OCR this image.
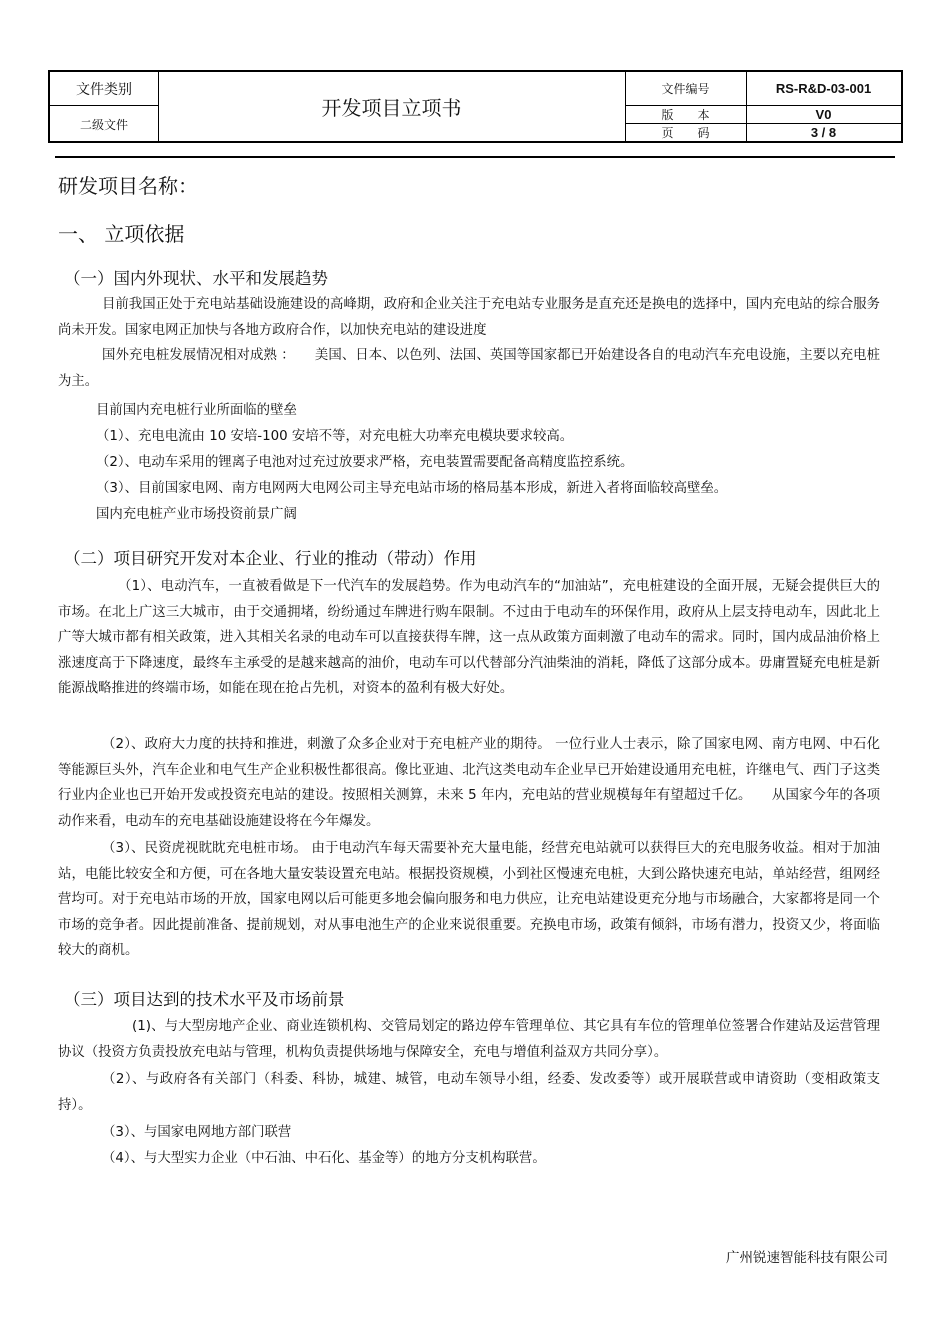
文件类别
二级文件
开发项目立项书
文件编号	RS-R&D-03-001
版　　本	V0
页　　码	3 / 8
研发项目名称：
一、 立项依据
（一）国内外现状、水平和发展趋势

目前我国正处于充电站基础设施建设的高峰期，政府和企业关注于充电站专业服务是直充还是换电的选择中，国内充电站的综合服务尚未开发。国家电网正加快与各地方政府合作，以加快充电站的建设进度

国外充电桩发展情况相对成熟 ：　　美国、日本、以色列、法国、英国等国家都已开始建设各自的电动汽车充电设施，主要以充电桩为主。

目前国内充电桩行业所面临的壁垒

（1）、充电电流由 10 安培-100 安培不等，对充电桩大功率充电模块要求较高。

（2）、电动车采用的锂离子电池对过充过放要求严格，充电装置需要配备高精度监控系统。

（3）、目前国家电网、南方电网两大电网公司主导充电站市场的格局基本形成，新进入者将面临较高壁垒。

国内充电桩产业市场投资前景广阔

（二）项目研究开发对本企业、行业的推动（带动）作用

（1）、电动汽车，一直被看做是下一代汽车的发展趋势。作为电动汽车的“加油站”，充电桩建设的全面开展，无疑会提供巨大的市场。在北上广这三大城市，由于交通拥堵，纷纷通过车牌进行购车限制。不过由于电动车的环保作用，政府从上层支持电动车，因此北上广等大城市都有相关政策，进入其相关名录的电动车可以直接获得车牌，这一点从政策方面刺激了电动车的需求。同时，国内成品油价格上涨速度高于下降速度，最终车主承受的是越来越高的油价，电动车可以代替部分汽油柴油的消耗，降低了这部分成本。毋庸置疑充电桩是新能源战略推进的终端市场，如能在现在抢占先机，对资本的盈利有极大好处。

（2）、政府大力度的扶持和推进，刺激了众多企业对于充电桩产业的期待。 一位行业人士表示，除了国家电网、南方电网、中石化等能源巨头外，汽车企业和电气生产企业积极性都很高。像比亚迪、北汽这类电动车企业早已开始建设通用充电桩，许继电气、西门子这类行业内企业也已开始开发或投资充电站的建设。按照相关测算，未来 5 年内，充电站的营业规模每年有望超过千亿。　　从国家今年的各项动作来看，电动车的充电基础设施建设将在今年爆发。

（3）、民资虎视眈眈充电桩市场。 由于电动汽车每天需要补充大量电能，经营充电站就可以获得巨大的充电服务收益。相对于加油站，电能比较安全和方便，可在各地大量安装设置充电站。根据投资规模，小到社区慢速充电桩，大到公路快速充电站，单站经营，组网经营均可。对于充电站市场的开放，国家电网以后可能更多地会偏向服务和电力供应，让充电站建设更充分地与市场融合，大家都将是同一个市场的竞争者。因此提前准备、提前规划，对从事电池生产的企业来说很重要。充换电市场，政策有倾斜，市场有潜力，投资又少，将面临较大的商机。

（三）项目达到的技术水平及市场前景

(1)、与大型房地产企业、商业连锁机构、交管局划定的路边停车管理单位、其它具有车位的管理单位签署合作建站及运营管理协议（投资方负责投放充电站与管理，机构负责提供场地与保障安全，充电与增值利益双方共同分享）。

（2）、与政府各有关部门（科委、科协，城建、城管，电动车领导小组，经委、发改委等）或开展联营或申请资助（变相政策支持）。

（3）、与国家电网地方部门联营

（4）、与大型实力企业（中石油、中石化、基金等）的地方分支机构联营。

广州锐速智能科技有限公司
